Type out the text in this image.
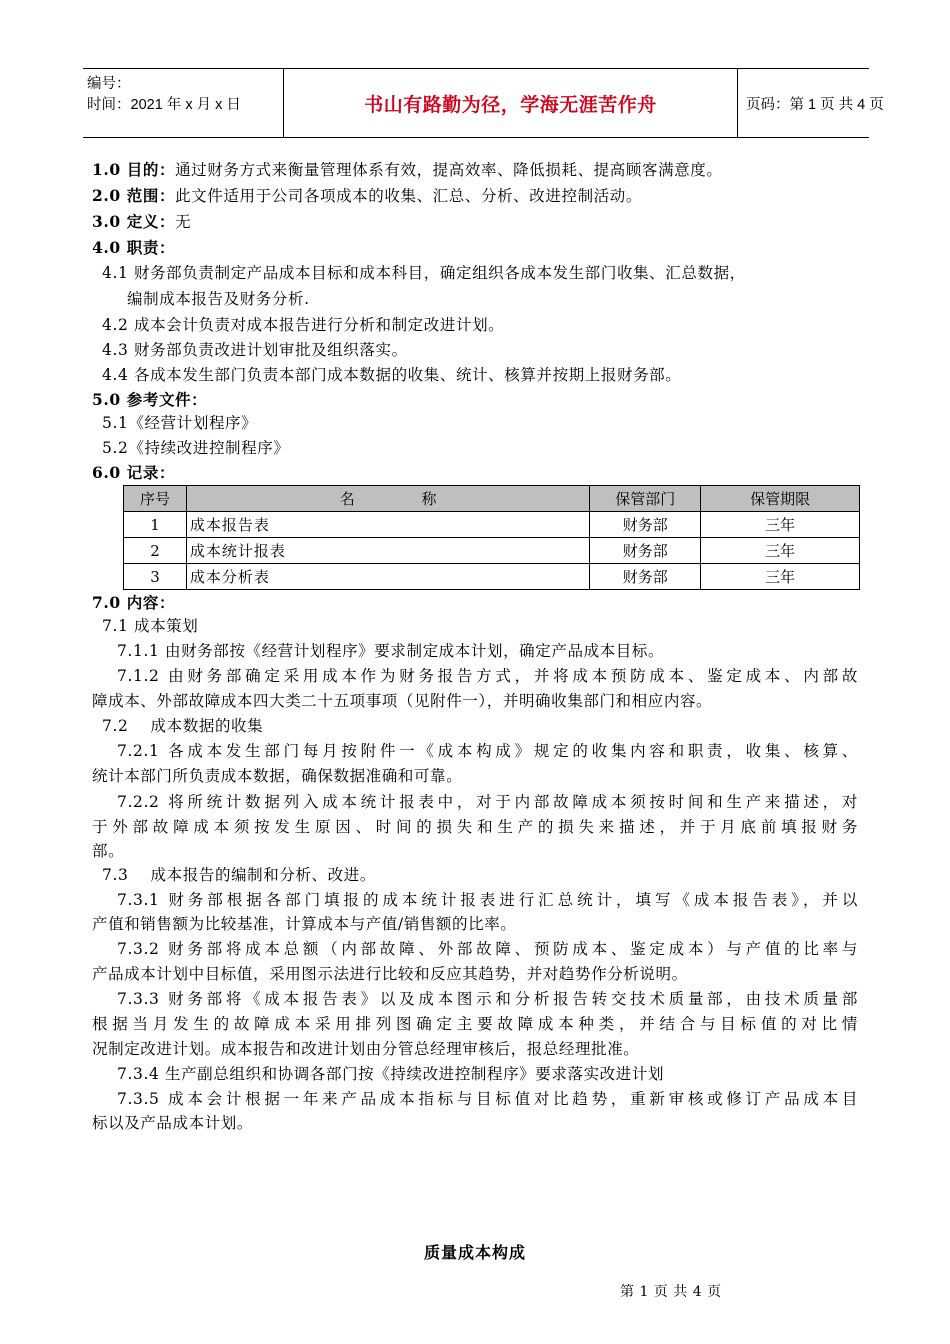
编号：
时间：2021 年 x 月 x 日	书山有路勤为径，学海无涯苦作舟	页码：第 1 页 共 4 页
1.0 目的：通过财务方式来衡量管理体系有效，提高效率、降低损耗、提高顾客满意度。
2.0 范围：此文件适用于公司各项成本的收集、汇总、分析、改进控制活动。
3.0 定义：无
4.0 职责：
4.1 财务部负责制定产品成本目标和成本科目，确定组织各成本发生部门收集、汇总数据，
编制成本报告及财务分析.
4.2 成本会计负责对成本报告进行分析和制定改进计划。
4.3 财务部负责改进计划审批及组织落实。
4.4 各成本发生部门负责本部门成本数据的收集、统计、核算并按期上报财务部。
5.0 参考文件：
5.1《经营计划程序》
5.2《持续改进控制程序》
6.0 记录：
序号	名              称	保管部门	保管期限
1	成本报告表	财务部	三年
2	成本统计报表	财务部	三年
3	成本分析表	财务部	三年
7.0 内容：
7.1 成本策划
7.1.1 由财务部按《经营计划程序》要求制定成本计划，确定产品成本目标。
7.1.2 由财务部确定采用成本作为财务报告方式，并将成本预防成本、鉴定成本、内部故
障成本、外部故障成本四大类二十五项事项（见附件一），并明确收集部门和相应内容。
7.2    成本数据的收集
7.2.1 各成本发生部门每月按附件一《成本构成》规定的收集内容和职责，收集、核算、
统计本部门所负责成本数据，确保数据准确和可靠。
7.2.2 将所统计数据列入成本统计报表中，对于内部故障成本须按时间和生产来描述，对
于外部故障成本须按发生原因、时间的损失和生产的损失来描述，并于月底前填报财务
部。
7.3    成本报告的编制和分析、改进。
7.3.1 财务部根据各部门填报的成本统计报表进行汇总统计，填写《成本报告表》，并以
产值和销售额为比较基准，计算成本与产值/销售额的比率。
7.3.2 财务部将成本总额（内部故障、外部故障、预防成本、鉴定成本）与产值的比率与
产品成本计划中目标值，采用图示法进行比较和反应其趋势，并对趋势作分析说明。
7.3.3 财务部将《成本报告表》以及成本图示和分析报告转交技术质量部，由技术质量部
根据当月发生的故障成本采用排列图确定主要故障成本种类，并结合与目标值的对比情
况制定改进计划。成本报告和改进计划由分管总经理审核后，报总经理批准。
7.3.4 生产副总组织和协调各部门按《持续改进控制程序》要求落实改进计划
7.3.5 成本会计根据一年来产品成本指标与目标值对比趋势，重新审核或修订产品成本目
标以及产品成本计划。
质量成本构成
第 1 页 共 4 页
